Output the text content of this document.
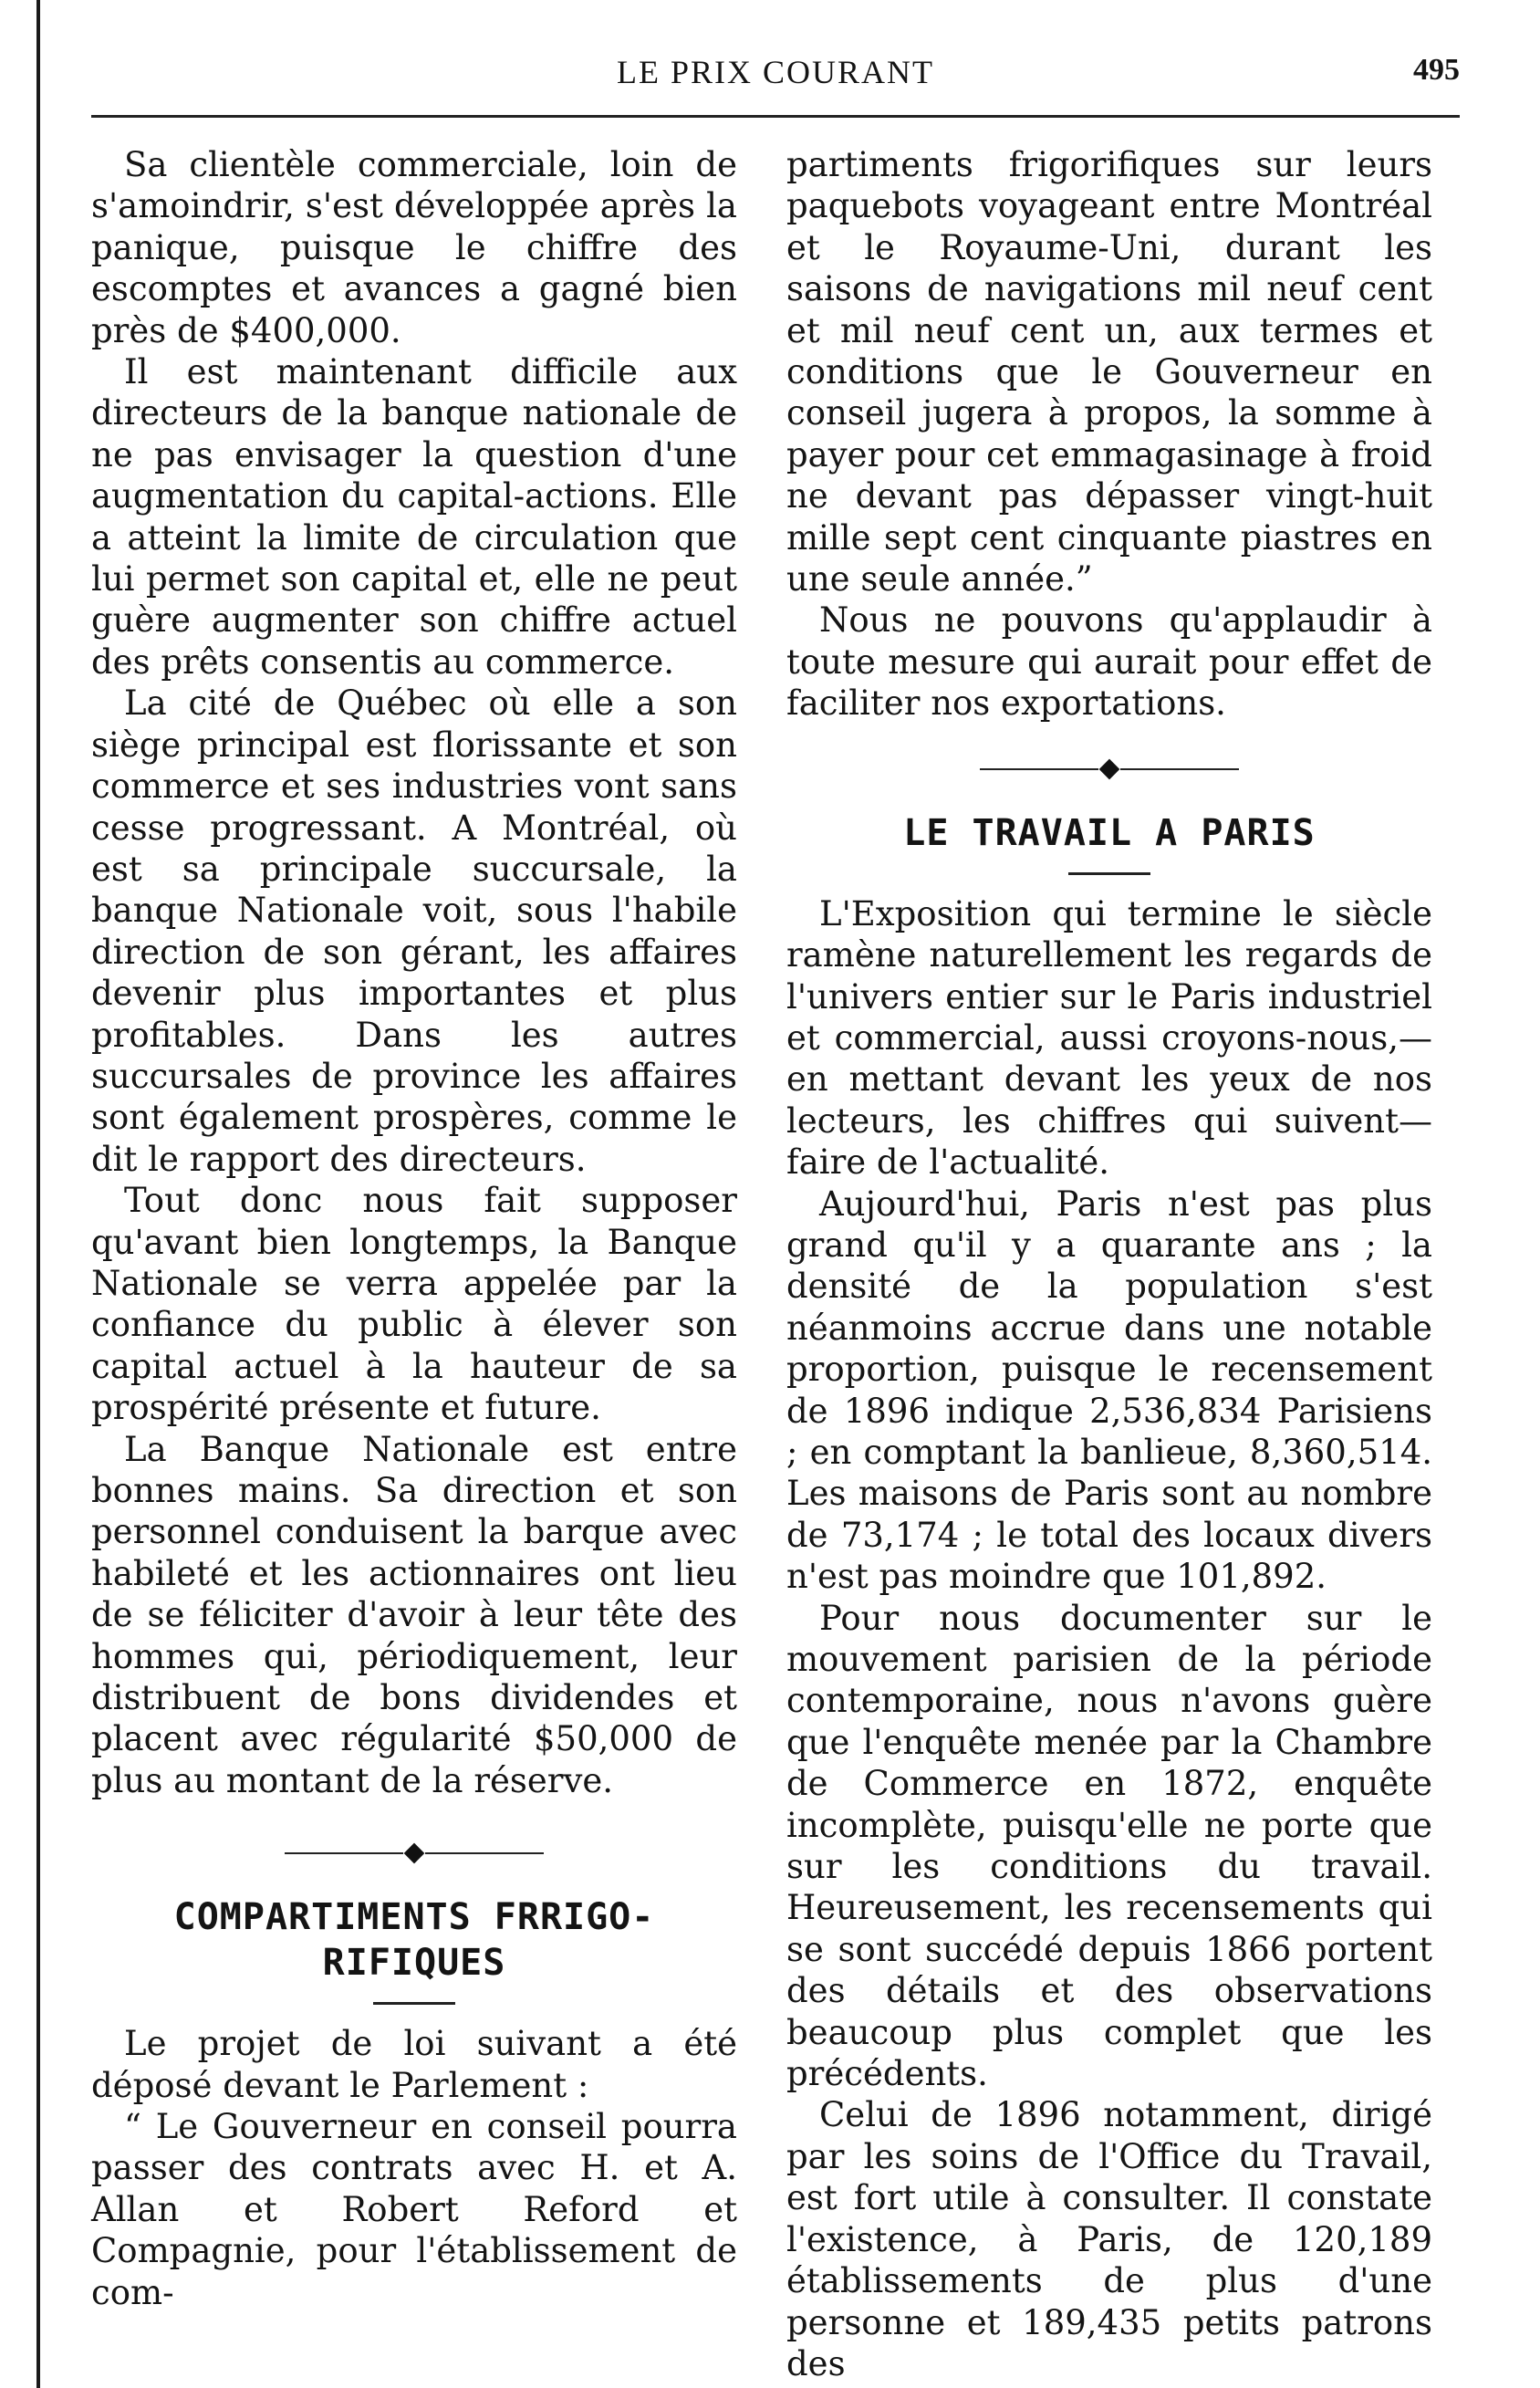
LE PRIX COURANT	495

Sa clientèle commerciale, loin de s'amoindrir, s'est développée après la panique, puisque le chiffre des escomptes et avances a gagné bien près de $400,000.

Il est maintenant difficile aux directeurs de la banque nationale de ne pas envisager la question d'une augmentation du capital-actions. Elle a atteint la limite de circulation que lui permet son capital et, elle ne peut guère augmenter son chiffre actuel des prêts consentis au commerce.

La cité de Québec où elle a son siège principal est florissante et son commerce et ses industries vont sans cesse progressant. A Montréal, où est sa principale succursale, la banque Nationale voit, sous l'habile direction de son gérant, les affaires devenir plus importantes et plus profitables. Dans les autres succursales de province les affaires sont également prospères, comme le dit le rapport des directeurs.

Tout donc nous fait supposer qu'avant bien longtemps, la Banque Nationale se verra appelée par la confiance du public à élever son capital actuel à la hauteur de sa prospérité présente et future.

La Banque Nationale est entre bonnes mains. Sa direction et son personnel conduisent la barque avec habileté et les actionnaires ont lieu de se féliciter d'avoir à leur tête des hommes qui, périodiquement, leur distribuent de bons dividendes et placent avec régularité $50,000 de plus au montant de la réserve.

COMPARTIMENTS FRRIGO-RIFIQUES

Le projet de loi suivant a été déposé devant le Parlement :

“ Le Gouverneur en conseil pourra passer des contrats avec H. et A. Allan et Robert Reford et Compagnie, pour l'établissement de com-

partiments frigorifiques sur leurs paquebots voyageant entre Montréal et le Royaume-Uni, durant les saisons de navigations mil neuf cent et mil neuf cent un, aux termes et conditions que le Gouverneur en conseil jugera à propos, la somme à payer pour cet emmagasinage à froid ne devant pas dépasser vingt-huit mille sept cent cinquante piastres en une seule année.”

Nous ne pouvons qu'applaudir à toute mesure qui aurait pour effet de faciliter nos exportations.

LE TRAVAIL A PARIS

L'Exposition qui termine le siècle ramène naturellement les regards de l'univers entier sur le Paris industriel et commercial, aussi croyons-nous,—en mettant devant les yeux de nos lecteurs, les chiffres qui suivent—faire de l'actualité.

Aujourd'hui, Paris n'est pas plus grand qu'il y a quarante ans ; la densité de la population s'est néanmoins accrue dans une notable proportion, puisque le recensement de 1896 indique 2,536,834 Parisiens ; en comptant la banlieue, 8,360,514. Les maisons de Paris sont au nombre de 73,174 ; le total des locaux divers n'est pas moindre que 101,892.

Pour nous documenter sur le mouvement parisien de la période contemporaine, nous n'avons guère que l'enquête menée par la Chambre de Commerce en 1872, enquête incomplète, puisqu'elle ne porte que sur les conditions du travail. Heureusement, les recensements qui se sont succédé depuis 1866 portent des détails et des observations beaucoup plus complet que les précédents.

Celui de 1896 notamment, dirigé par les soins de l'Office du Travail, est fort utile à consulter. Il constate l'existence, à Paris, de 120,189 établissements de plus d'une personne et 189,435 petits patrons des
